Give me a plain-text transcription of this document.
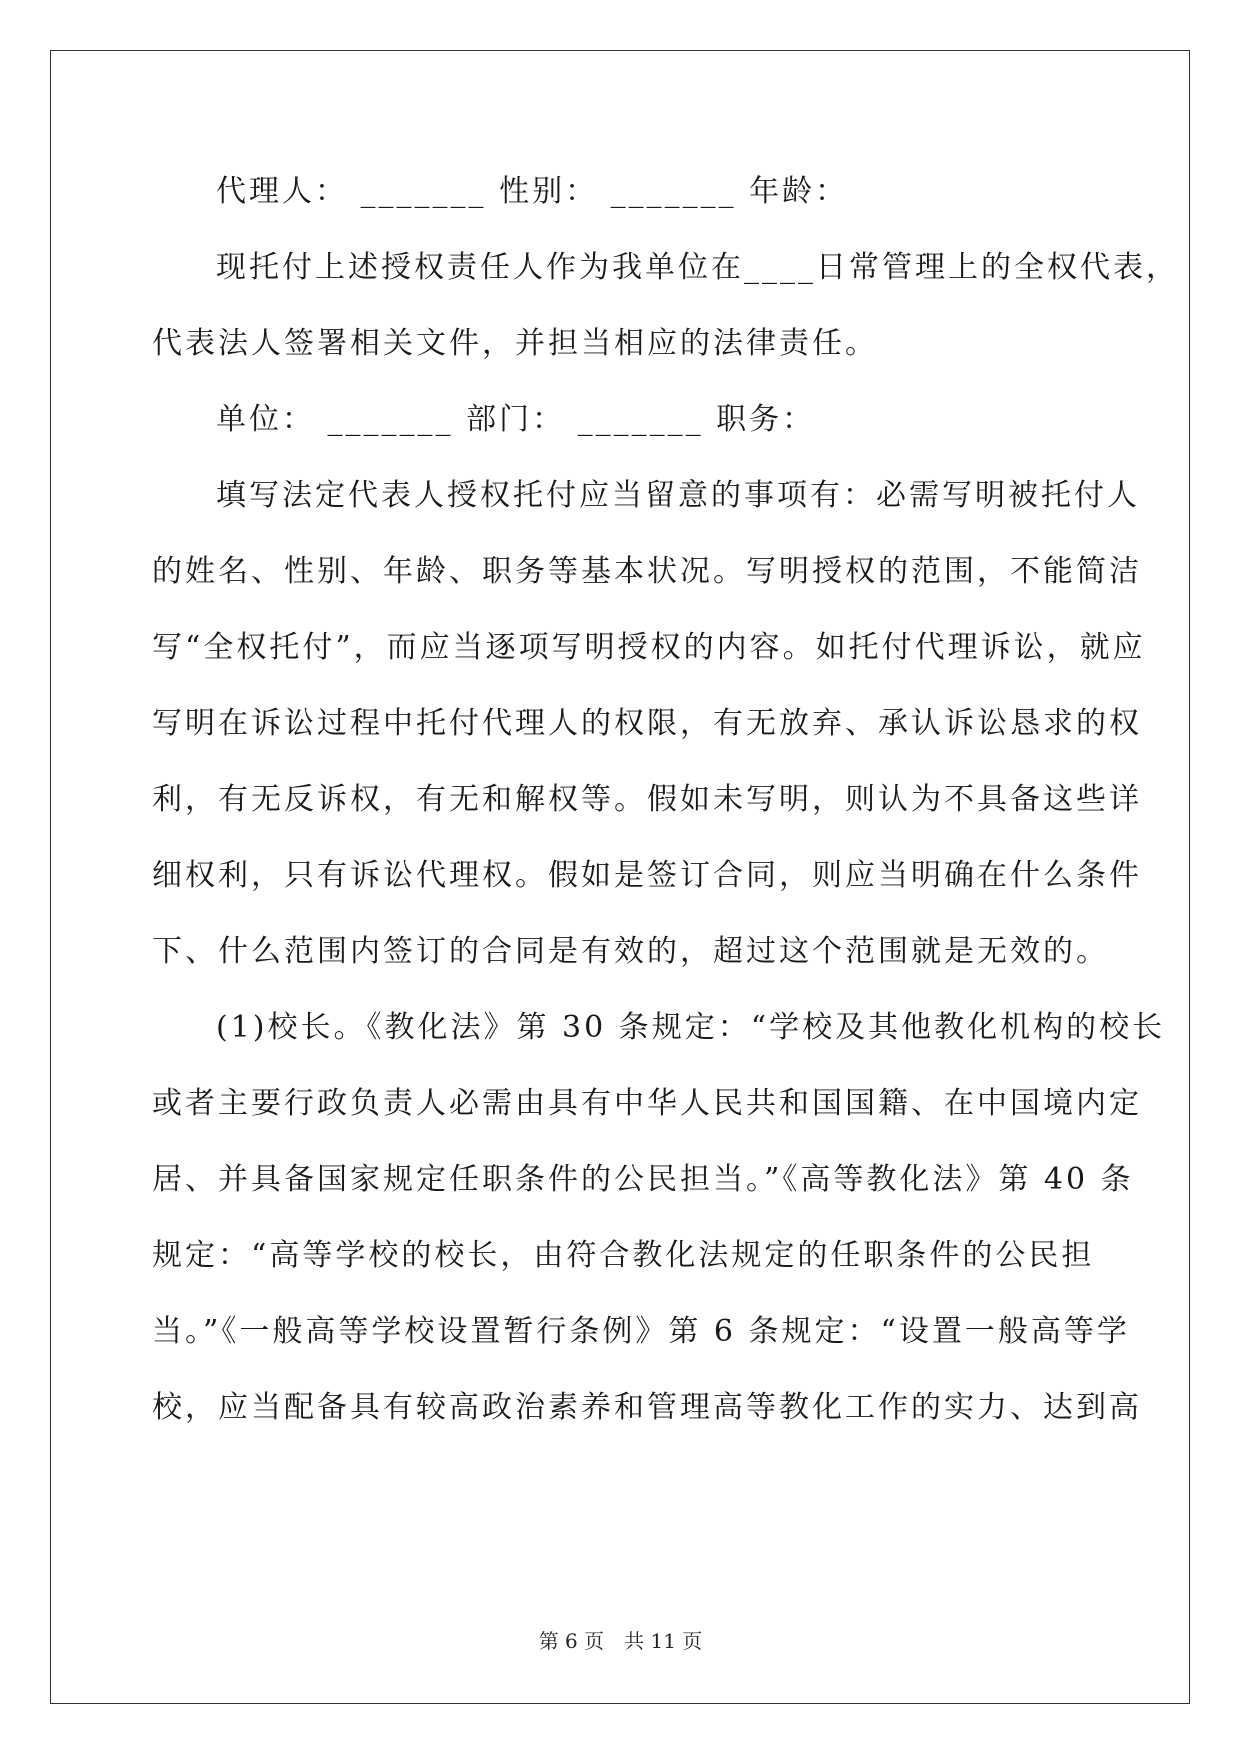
代理人： _______ 性别： _______ 年龄：
现托付上述授权责任人作为我单位在____日常管理上的全权代表，
代表法人签署相关文件，并担当相应的法律责任。
单位： _______ 部门： _______ 职务：
填写法定代表人授权托付应当留意的事项有：必需写明被托付人
的姓名、性别、年龄、职务等基本状况。写明授权的范围，不能简洁
写“全权托付”，而应当逐项写明授权的内容。如托付代理诉讼，就应
写明在诉讼过程中托付代理人的权限，有无放弃、承认诉讼恳求的权
利，有无反诉权，有无和解权等。假如未写明，则认为不具备这些详
细权利，只有诉讼代理权。假如是签订合同，则应当明确在什么条件
下、什么范围内签订的合同是有效的，超过这个范围就是无效的。
(1)校长。《教化法》第 30 条规定：“学校及其他教化机构的校长
或者主要行政负责人必需由具有中华人民共和国国籍、在中国境内定
居、并具备国家规定任职条件的公民担当。”《高等教化法》第 40 条
规定：“高等学校的校长，由符合教化法规定的任职条件的公民担
当。”《一般高等学校设置暂行条例》第 6 条规定：“设置一般高等学
校，应当配备具有较高政治素养和管理高等教化工作的实力、达到高
第 6 页 共 11 页
